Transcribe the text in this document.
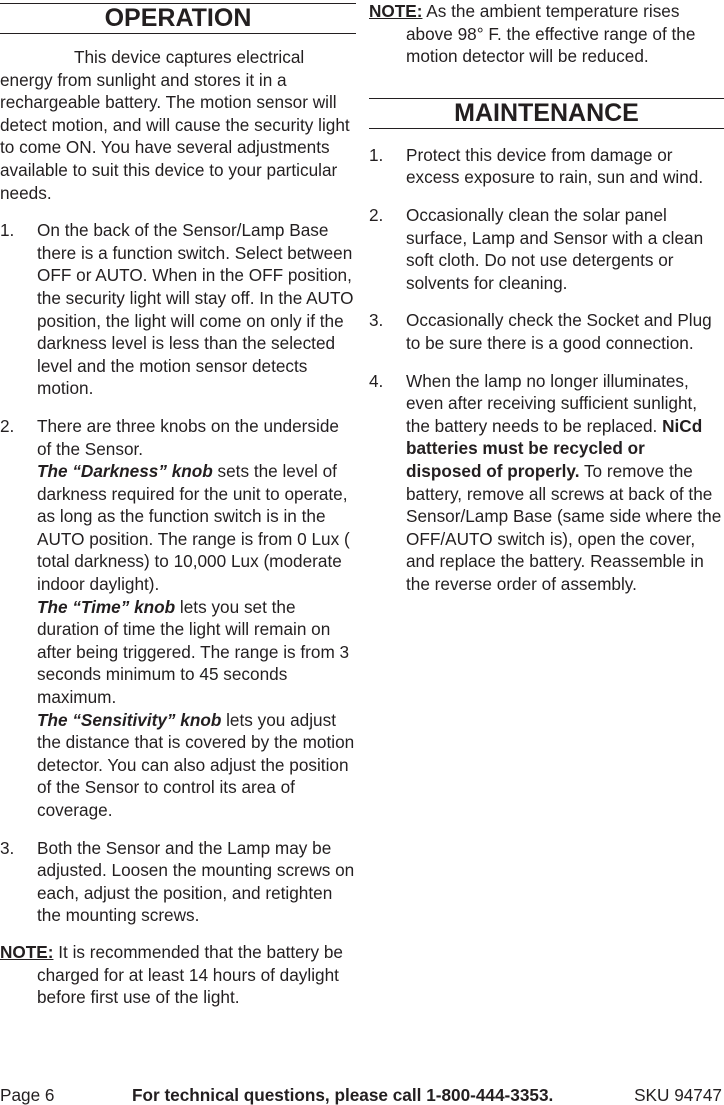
OPERATION

This device captures electrical energy from sunlight and stores it in a rechargeable battery. The motion sensor will detect motion, and will cause the security light to come ON. You have several adjustments available to suit this device to your particular needs.

1.	On the back of the Sensor/Lamp Base there is a function switch. Select between OFF or AUTO. When in the OFF position, the security light will stay off. In the AUTO position, the light will come on only if the darkness level is less than the selected level and the motion sensor detects motion.
2.	There are three knobs on the underside of the Sensor.

The “Darkness” knob sets the level of darkness required for the unit to operate, as long as the function switch is in the AUTO position. The range is from 0 Lux ( total darkness) to 10,000 Lux (moderate indoor daylight).

The “Time” knob lets you set the duration of time the light will remain on after being triggered. The range is from 3 seconds minimum to 45 seconds maximum.

The “Sensitivity” knob lets you adjust the distance that is covered by the motion detector. You can also adjust the position of the Sensor to control its area of coverage.

3.	Both the Sensor and the Lamp may be adjusted. Loosen the mounting screws on each, adjust the position, and retighten the mounting screws.

NOTE: It is recommended that the battery be charged for at least 14 hours of daylight before first use of the light.

NOTE: As the ambient temperature rises above 98° F. the effective range of the motion detector will be reduced.

MAINTENANCE
1.	Protect this device from damage or excess exposure to rain, sun and wind.
2.	Occasionally clean the solar panel surface, Lamp and Sensor with a clean soft cloth. Do not use detergents or solvents for cleaning.
3.	Occasionally check the Socket and Plug to be sure there is a good connection.
4.	When the lamp no longer illuminates, even after receiving sufficient sunlight, the battery needs to be replaced. NiCd batteries must be recycled or disposed of properly. To remove the battery, remove all screws at back of the Sensor/Lamp Base (same side where the OFF/AUTO switch is), open the cover, and replace the battery. Reassemble in the reverse order of assembly.
Page 6	For technical questions, please call 1-800-444-3353.	SKU 94747
